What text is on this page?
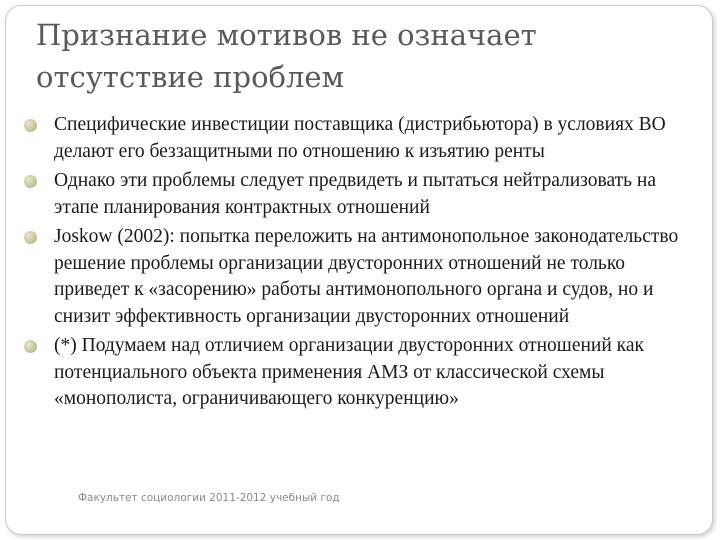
Признание мотивов не означает
отсутствие проблем
Специфические инвестиции поставщика (дистрибьютора) в условиях ВО делают его беззащитными по отношению к изъятию ренты
Однако эти проблемы следует предвидеть и пытаться нейтрализовать на этапе планирования контрактных отношений
Joskow (2002): попытка переложить на антимонопольное законодательство решение проблемы организации двусторонних отношений не только приведет к «засорению» работы антимонопольного органа и судов, но и снизит эффективность организации двусторонних отношений
(*) Подумаем над отличием организации двусторонних отношений как потенциального объекта применения АМЗ от классической схемы «монополиста, ограничивающего конкуренцию»
Факультет социологии 2011-2012 учебный год
